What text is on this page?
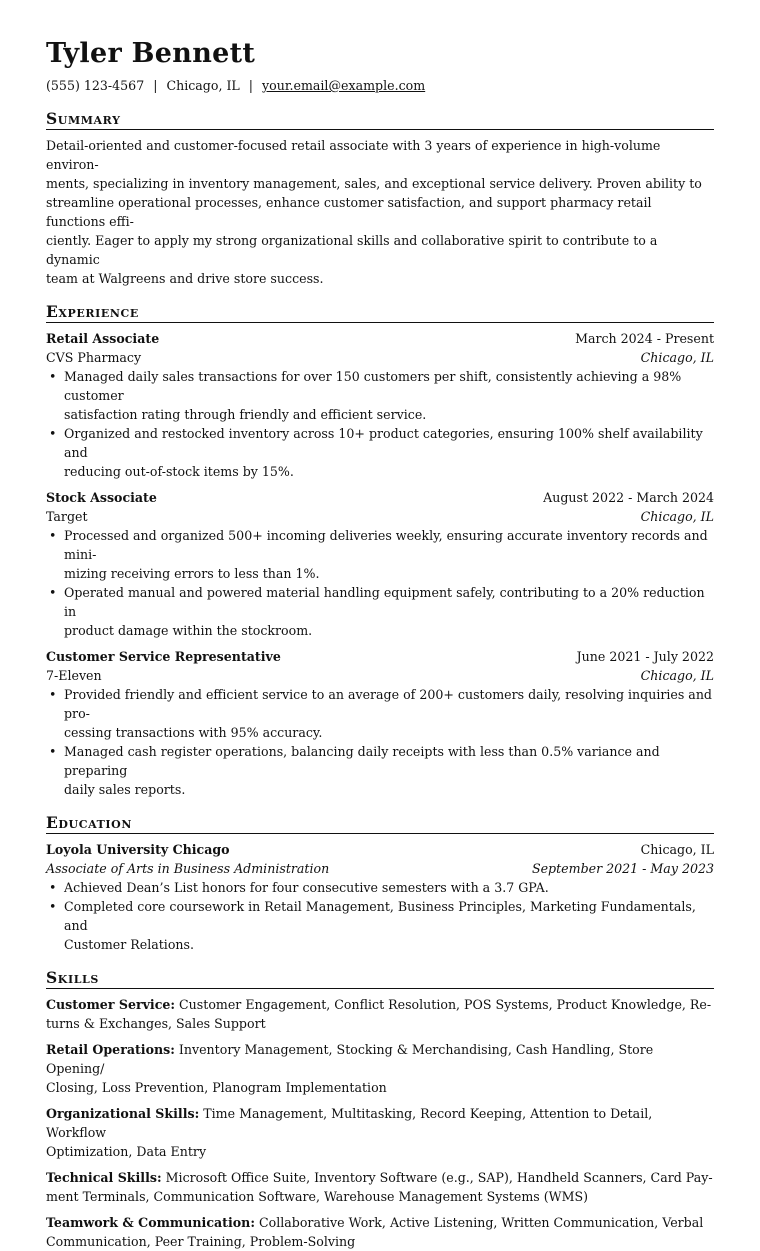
Tyler Bennett
(555) 123-4567 | Chicago, IL | your.email@example.com
Summary
Detail-oriented and customer-focused retail associate with 3 years of experience in high-volume environ-
ments, specializing in inventory management, sales, and exceptional service delivery. Proven ability to
streamline operational processes, enhance customer satisfaction, and support pharmacy retail functions effi-
ciently. Eager to apply my strong organizational skills and collaborative spirit to contribute to a dynamic
team at Walgreens and drive store success.
Experience
Retail Associate	March 2024 - Present
CVS Pharmacy	Chicago, IL
• Managed daily sales transactions for over 150 customers per shift, consistently achieving a 98% customer
satisfaction rating through friendly and efficient service.
• Organized and restocked inventory across 10+ product categories, ensuring 100% shelf availability and
reducing out-of-stock items by 15%.
Stock Associate	August 2022 - March 2024
Target	Chicago, IL
• Processed and organized 500+ incoming deliveries weekly, ensuring accurate inventory records and mini-
mizing receiving errors to less than 1%.
• Operated manual and powered material handling equipment safely, contributing to a 20% reduction in
product damage within the stockroom.
Customer Service Representative	June 2021 - July 2022
7-Eleven	Chicago, IL
• Provided friendly and efficient service to an average of 200+ customers daily, resolving inquiries and pro-
cessing transactions with 95% accuracy.
• Managed cash register operations, balancing daily receipts with less than 0.5% variance and preparing
daily sales reports.
Education
Loyola University Chicago	Chicago, IL
Associate of Arts in Business Administration	September 2021 - May 2023
• Achieved Dean’s List honors for four consecutive semesters with a 3.7 GPA.
• Completed core coursework in Retail Management, Business Principles, Marketing Fundamentals, and
Customer Relations.
Skills
Customer Service: Customer Engagement, Conflict Resolution, POS Systems, Product Knowledge, Re-
turns & Exchanges, Sales Support
Retail Operations: Inventory Management, Stocking & Merchandising, Cash Handling, Store Opening/
Closing, Loss Prevention, Planogram Implementation
Organizational Skills: Time Management, Multitasking, Record Keeping, Attention to Detail, Workflow
Optimization, Data Entry
Technical Skills: Microsoft Office Suite, Inventory Software (e.g., SAP), Handheld Scanners, Card Pay-
ment Terminals, Communication Software, Warehouse Management Systems (WMS)
Teamwork & Communication: Collaborative Work, Active Listening, Written Communication, Verbal
Communication, Peer Training, Problem-Solving
